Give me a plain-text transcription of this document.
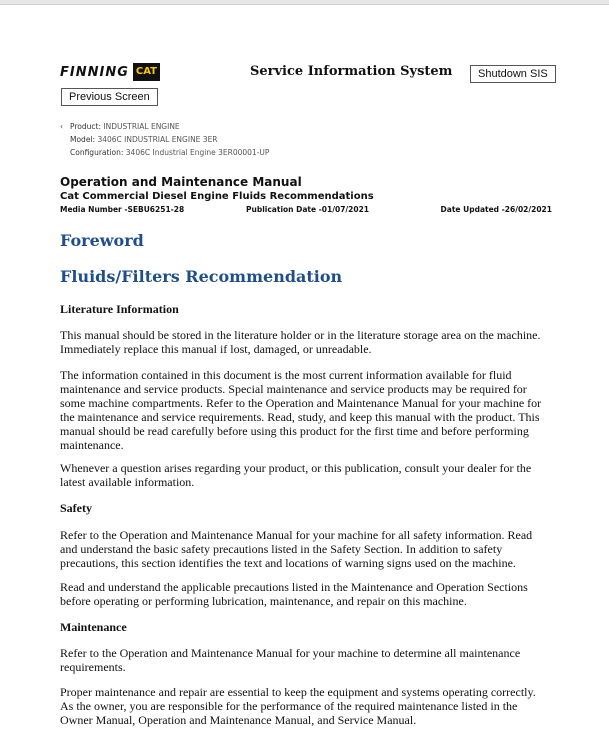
FINNING CAT	Service Information System	Shutdown SIS
Previous Screen
‹ Product: INDUSTRIAL ENGINE
Model: 3406C INDUSTRIAL ENGINE 3ER
Configuration: 3406C Industrial Engine 3ER00001-UP
Operation and Maintenance Manual
Cat Commercial Diesel Engine Fluids Recommendations
Media Number -SEBU6251-28	Publication Date -01/07/2021	Date Updated -26/02/2021
Foreword
Fluids/Filters Recommendation
Literature Information
This manual should be stored in the literature holder or in the literature storage area on the machine. Immediately replace this manual if lost, damaged, or unreadable.
The information contained in this document is the most current information available for fluid maintenance and service products. Special maintenance and service products may be required for some machine compartments. Refer to the Operation and Maintenance Manual for your machine for the maintenance and service requirements. Read, study, and keep this manual with the product. This manual should be read carefully before using this product for the first time and before performing maintenance.
Whenever a question arises regarding your product, or this publication, consult your dealer for the latest available information.
Safety
Refer to the Operation and Maintenance Manual for your machine for all safety information. Read and understand the basic safety precautions listed in the Safety Section. In addition to safety precautions, this section identifies the text and locations of warning signs used on the machine.
Read and understand the applicable precautions listed in the Maintenance and Operation Sections before operating or performing lubrication, maintenance, and repair on this machine.
Maintenance
Refer to the Operation and Maintenance Manual for your machine to determine all maintenance requirements.
Proper maintenance and repair are essential to keep the equipment and systems operating correctly. As the owner, you are responsible for the performance of the required maintenance listed in the Owner Manual, Operation and Maintenance Manual, and Service Manual.
